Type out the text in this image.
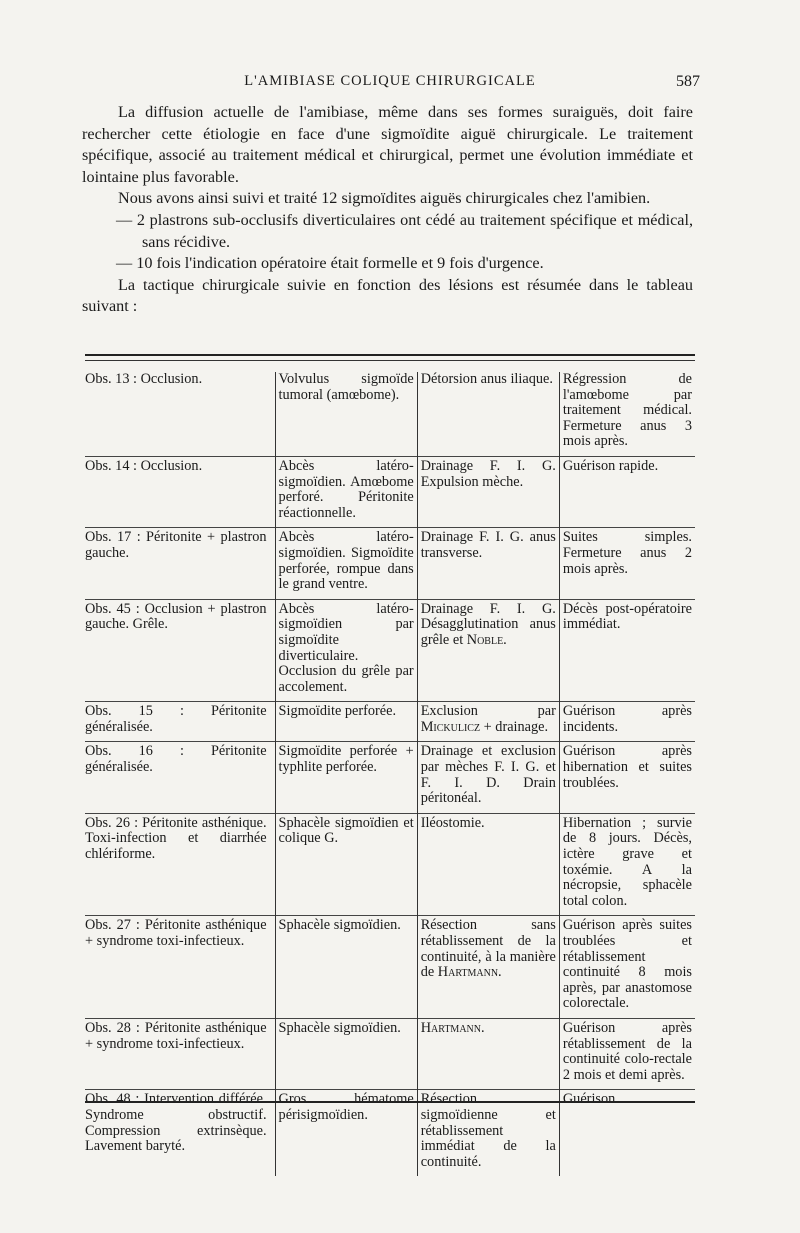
L'AMIBIASE COLIQUE CHIRURGICALE	587

La diffusion actuelle de l'amibiase, même dans ses formes suraiguës, doit faire rechercher cette étiologie en face d'une sigmoïdite aiguë chirurgicale. Le traitement spécifique, associé au traitement médical et chirurgical, permet une évolution immédiate et lointaine plus favorable.

Nous avons ainsi suivi et traité 12 sigmoïdites aiguës chirurgicales chez l'amibien.

— 2 plastrons sub-occlusifs diverticulaires ont cédé au traitement spécifique et médical, sans récidive.

— 10 fois l'indication opératoire était formelle et 9 fois d'urgence.

La tactique chirurgicale suivie en fonction des lésions est résumée dans le tableau suivant :

Obs. 13 : Occlusion.	Volvulus sigmoïde tumoral (amœbome).	Détorsion anus iliaque.	Régression de l'amœbome par traitement médical. Fermeture anus 3 mois après.

Obs. 14 : Occlusion.	Abcès latéro-sigmoïdien. Amœbome perforé. Péritonite réactionnelle.	Drainage F. I. G. Expulsion mèche.	Guérison rapide.

Obs. 17 : Péritonite + plastron gauche.	Abcès latéro-sigmoïdien. Sigmoïdite perforée, rompue dans le grand ventre.	Drainage F. I. G. anus transverse.	Suites simples. Fermeture anus 2 mois après.

Obs. 45 : Occlusion + plastron gauche. Grêle.	Abcès latéro-sigmoïdien par sigmoïdite diverticulaire. Occlusion du grêle par accolement.	Drainage F. I. G. Désagglutination anus grêle et Noble.	Décès post-opératoire immédiat.

Obs. 15 : Péritonite généralisée.	Sigmoïdite perforée.	Exclusion par Mickulicz + drainage.	Guérison après incidents.

Obs. 16 : Péritonite généralisée.	Sigmoïdite perforée + typhlite perforée.	Drainage et exclusion par mèches F. I. G. et F. I. D. Drain péritonéal.	Guérison après hibernation et suites troublées.

Obs. 26 : Péritonite asthénique. Toxi-infection et diarrhée chlériforme.	Sphacèle sigmoïdien et colique G.	Iléostomie.	Hibernation ; survie de 8 jours. Décès, ictère grave et toxémie. A la nécropsie, sphacèle total colon.

Obs. 27 : Péritonite asthénique + syndrome toxi-infectieux.	Sphacèle sigmoïdien.	Résection sans rétablissement de la continuité, à la manière de Hartmann.	Guérison après suites troublées et rétablissement continuité 8 mois après, par anastomose colorectale.

Obs. 28 : Péritonite asthénique + syndrome toxi-infectieux.	Sphacèle sigmoïdien.	Hartmann.	Guérison après rétablissement de la continuité colo-rectale 2 mois et demi après.

Obs. 48 : Intervention différée. Syndrome obstructif. Compression extrinsèque. Lavement baryté.	Gros hématome périsigmoïdien.	Résection sigmoïdienne et rétablissement immédiat de la continuité.	Guérison.
